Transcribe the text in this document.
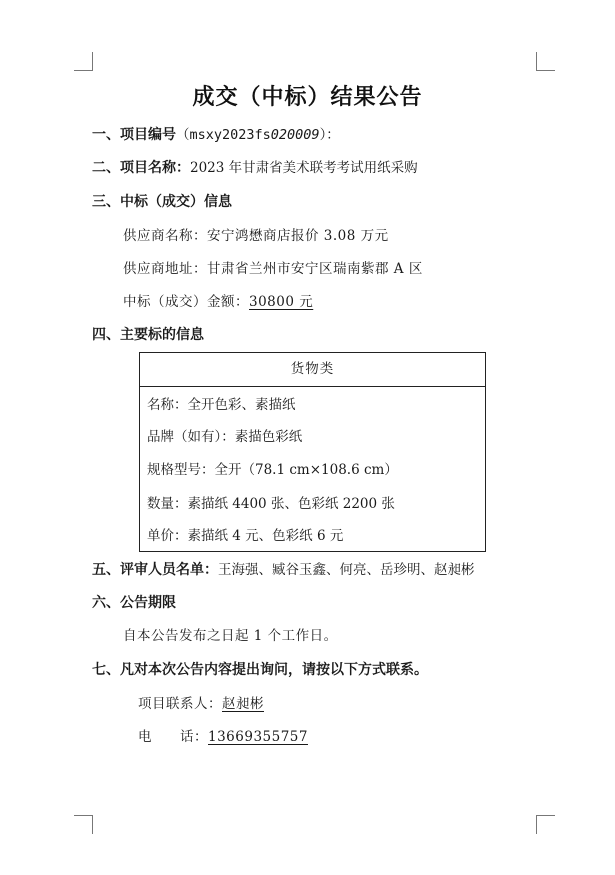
成交（中标）结果公告
一、项目编号（msxy2023fs020009）：
二、项目名称：2023 年甘肃省美术联考考试用纸采购
三、中标（成交）信息
供应商名称：安宁鸿懋商店报价 3.08 万元
供应商地址：甘肃省兰州市安宁区瑞南紫郡 A 区
中标（成交）金额：30800 元
四、主要标的信息
货物类
名称：全开色彩、素描纸
品牌（如有）：素描色彩纸
规格型号：全开（78.1 cm×108.6 cm）
数量：素描纸 4400 张、色彩纸 2200 张
单价：素描纸 4 元、色彩纸 6 元
五、评审人员名单：王海强、臧谷玉鑫、何亮、岳珍明、赵昶彬
六、公告期限
自本公告发布之日起 1 个工作日。
七、凡对本次公告内容提出询问，请按以下方式联系。
项目联系人：赵昶彬
电　　话：13669355757
